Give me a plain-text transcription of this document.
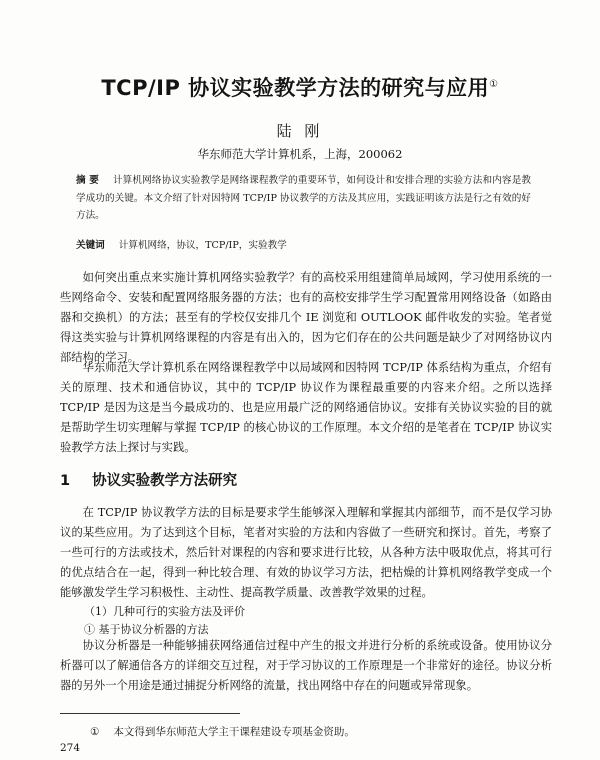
TCP/IP 协议实验教学方法的研究与应用①
陆 刚
华东师范大学计算机系，上海，200062
摘 要 计算机网络协议实验教学是网络课程教学的重要环节，如何设计和安排合理的实验方法和内容是教学成功的关键。本文介绍了针对因特网 TCP/IP 协议教学的方法及其应用，实践证明该方法是行之有效的好方法。
关键词 计算机网络，协议，TCP/IP，实验教学

如何突出重点来实施计算机网络实验教学？有的高校采用组建简单局域网，学习使用系统的一些网络命令、安装和配置网络服务器的方法；也有的高校安排学生学习配置常用网络设备（如路由器和交换机）的方法；甚至有的学校仅安排几个 IE 浏览和 OUTLOOK 邮件收发的实验。笔者觉得这类实验与计算机网络课程的内容是有出入的，因为它们存在的公共问题是缺少了对网络协议内部结构的学习。

华东师范大学计算机系在网络课程教学中以局域网和因特网 TCP/IP 体系结构为重点，介绍有关的原理、技术和通信协议，其中的 TCP/IP 协议作为课程最重要的内容来介绍。之所以选择 TCP/IP 是因为这是当今最成功的、也是应用最广泛的网络通信协议。安排有关协议实验的目的就是帮助学生切实理解与掌握 TCP/IP 的核心协议的工作原理。本文介绍的是笔者在 TCP/IP 协议实验教学方法上探讨与实践。

1 协议实验教学方法研究

在 TCP/IP 协议教学方法的目标是要求学生能够深入理解和掌握其内部细节，而不是仅学习协议的某些应用。为了达到这个目标，笔者对实验的方法和内容做了一些研究和探讨。首先，考察了一些可行的方法或技术，然后针对课程的内容和要求进行比较，从各种方法中吸取优点，将其可行的优点结合在一起，得到一种比较合理、有效的协议学习方法，把枯燥的计算机网络教学变成一个能够激发学生学习积极性、主动性、提高教学质量、改善教学效果的过程。

（1）几种可行的实验方法及评价
① 基于协议分析器的方法

协议分析器是一种能够捕获网络通信过程中产生的报文并进行分析的系统或设备。使用协议分析器可以了解通信各方的详细交互过程，对于学习协议的工作原理是一个非常好的途径。协议分析器的另外一个用途是通过捕捉分析网络的流量，找出网络中存在的问题或异常现象。

① 本文得到华东师范大学主干课程建设专项基金资助。
274
